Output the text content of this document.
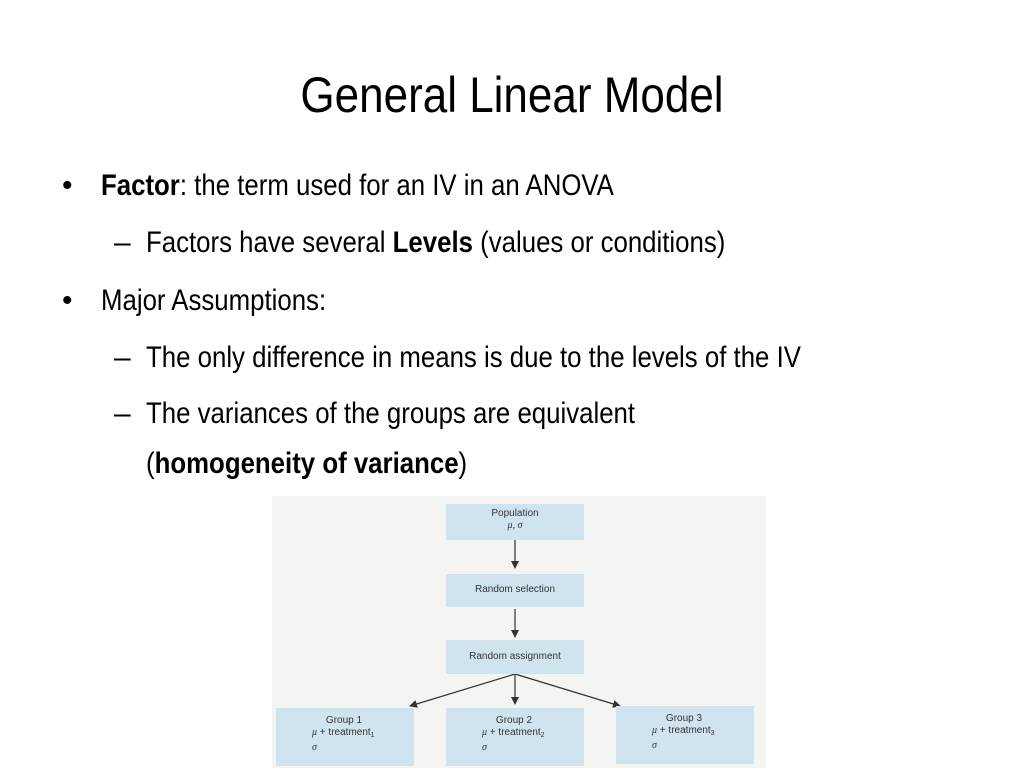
General Linear Model
• Factor: the term used for an IV in an ANOVA
– Factors have several Levels (values or conditions)
• Major Assumptions:
– The only difference in means is due to the levels of the IV
– The variances of the groups are equivalent
(homogeneity of variance)
Population
μ, σ
Random selection
Random assignment
Group 1
μ + treatment$_1$
σ
Group 2
μ + treatment$_2$
σ
Group 3
μ + treatment$_3$
σ
